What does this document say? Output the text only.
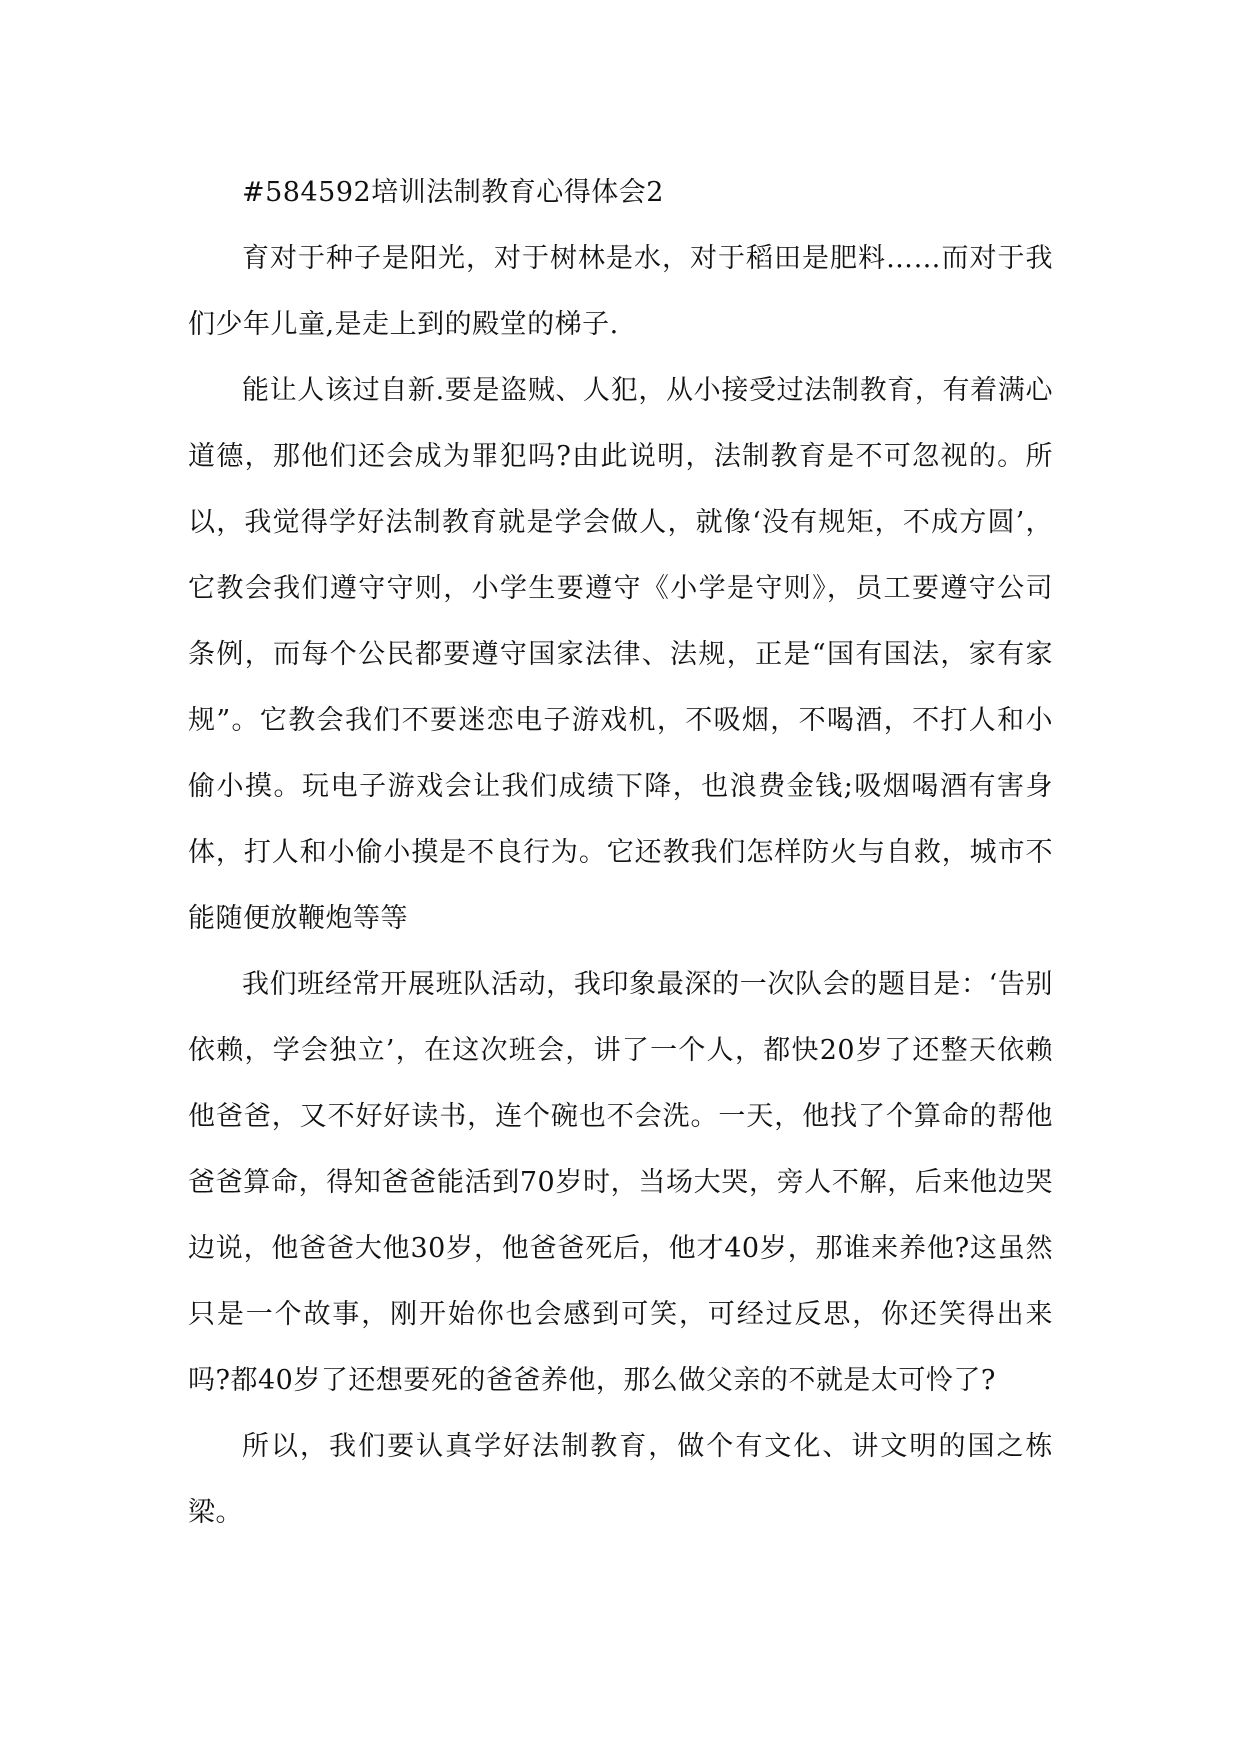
#584592培训法制教育心得体会2

育对于种子是阳光，对于树林是水，对于稻田是肥料……而对于我们少年儿童,是走上到的殿堂的梯子.

能让人该过自新.要是盗贼、人犯，从小接受过法制教育，有着满心道德，那他们还会成为罪犯吗?由此说明，法制教育是不可忽视的。所以，我觉得学好法制教育就是学会做人，就像‘没有规矩，不成方圆’，它教会我们遵守守则，小学生要遵守《小学是守则》，员工要遵守公司条例，而每个公民都要遵守国家法律、法规，正是“国有国法，家有家规”。它教会我们不要迷恋电子游戏机，不吸烟，不喝酒，不打人和小偷小摸。玩电子游戏会让我们成绩下降，也浪费金钱;吸烟喝酒有害身体，打人和小偷小摸是不良行为。它还教我们怎样防火与自救，城市不能随便放鞭炮等等

我们班经常开展班队活动，我印象最深的一次队会的题目是：‘告别依赖，学会独立’，在这次班会，讲了一个人，都快20岁了还整天依赖他爸爸，又不好好读书，连个碗也不会洗。一天，他找了个算命的帮他爸爸算命，得知爸爸能活到70岁时，当场大哭，旁人不解，后来他边哭边说，他爸爸大他30岁，他爸爸死后，他才40岁，那谁来养他?这虽然只是一个故事，刚开始你也会感到可笑，可经过反思，你还笑得出来吗?都40岁了还想要死的爸爸养他，那么做父亲的不就是太可怜了?

所以，我们要认真学好法制教育，做个有文化、讲文明的国之栋梁。
